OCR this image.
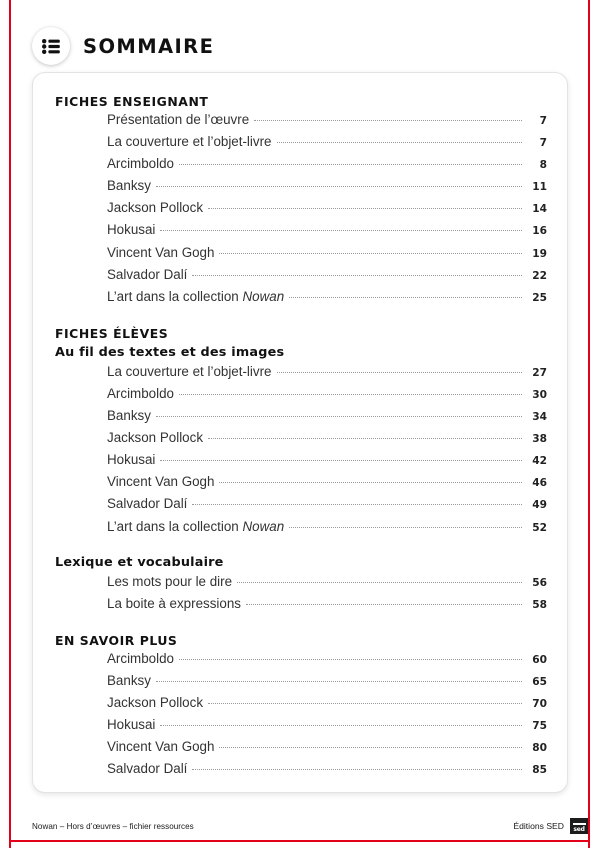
SOMMAIRE
FICHES ENSEIGNANT
Présentation de l’œuvre	7
La couverture et l’objet-livre	7
Arcimboldo	8
Banksy	11
Jackson Pollock	14
Hokusai	16
Vincent Van Gogh	19
Salvador Dalí	22
L’art dans la collection Nowan	25
FICHES ÉLÈVES
Au fil des textes et des images
La couverture et l’objet-livre	27
Arcimboldo	30
Banksy	34
Jackson Pollock	38
Hokusai	42
Vincent Van Gogh	46
Salvador Dalí	49
L’art dans la collection Nowan	52
Lexique et vocabulaire
Les mots pour le dire	56
La boite à expressions	58
EN SAVOIR PLUS
Arcimboldo	60
Banksy	65
Jackson Pollock	70
Hokusai	75
Vincent Van Gogh	80
Salvador Dalí	85
Nowan – Hors d’œuvres – fichier ressources	Éditions SED sed
